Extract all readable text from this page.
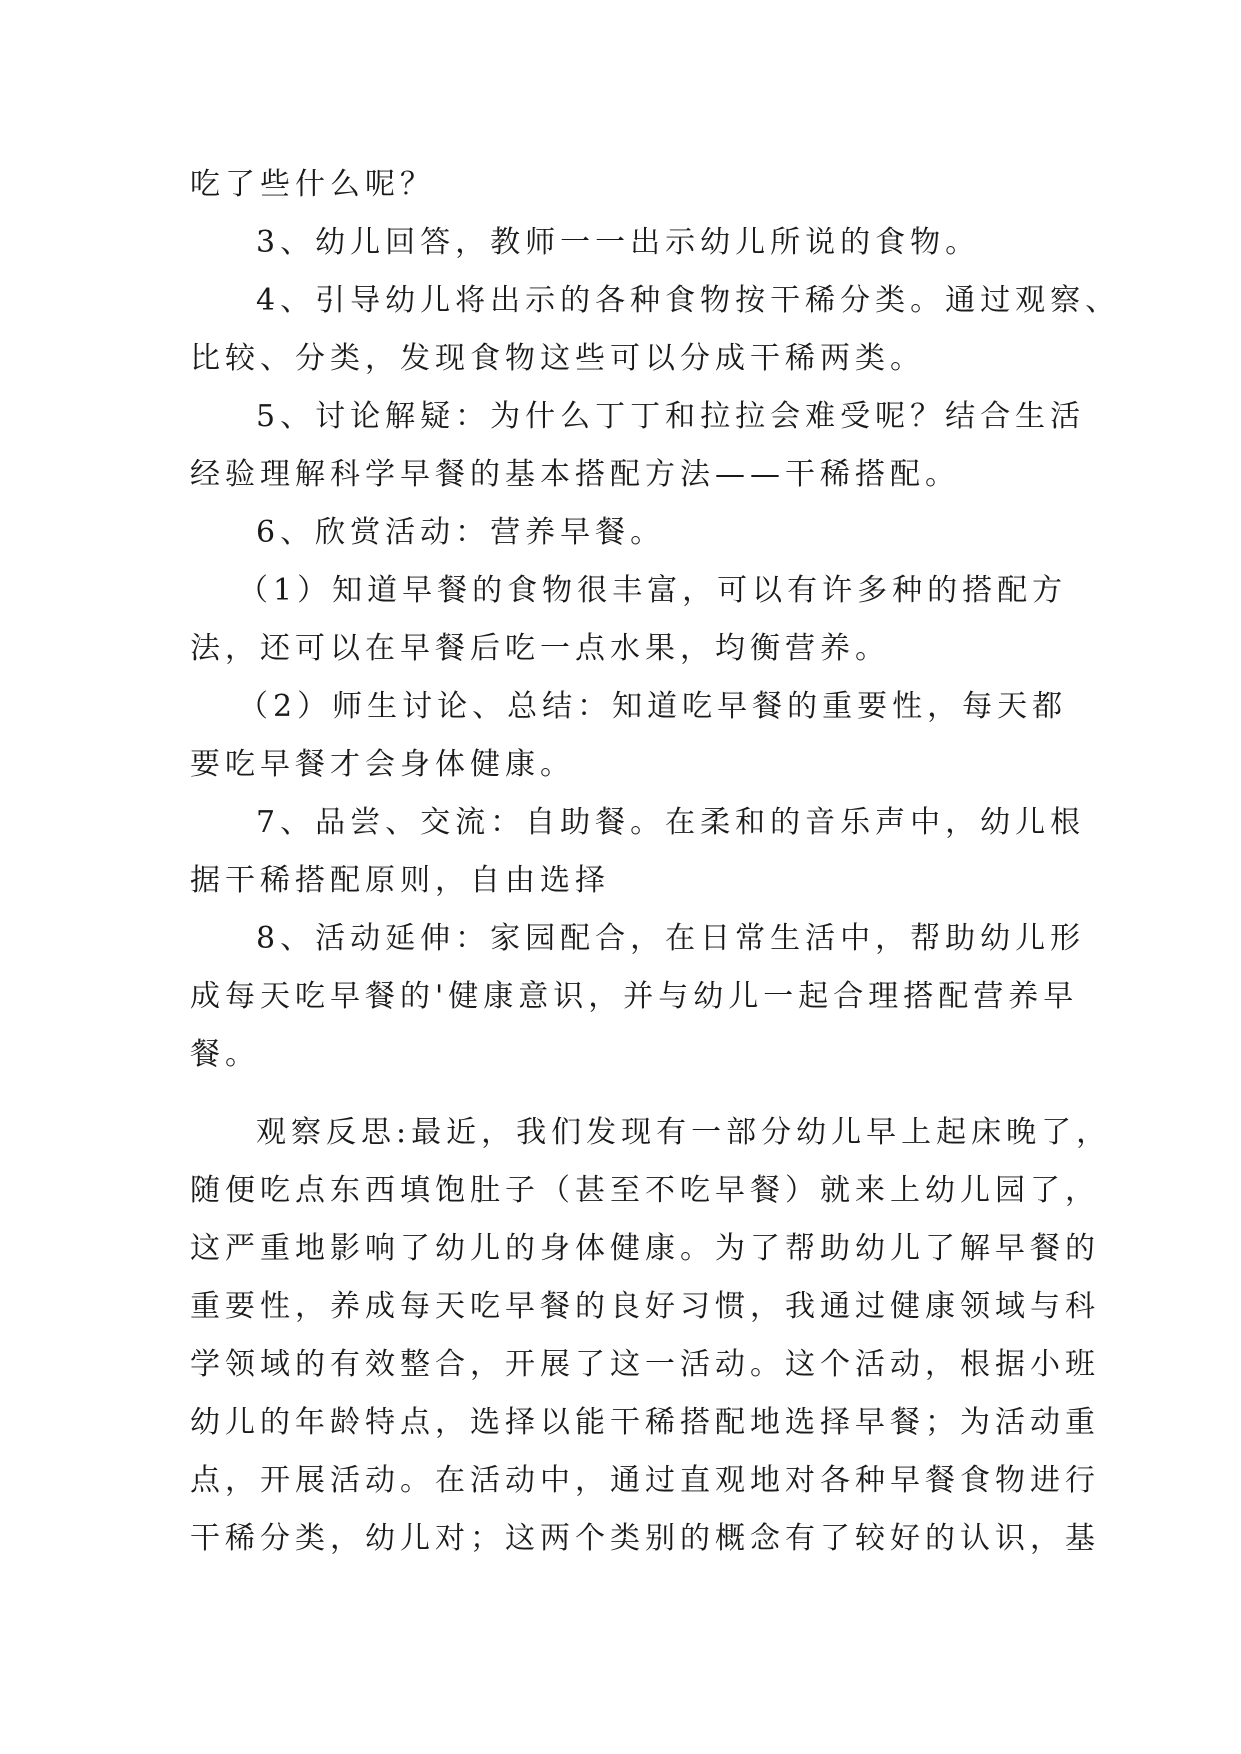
吃了些什么呢？
3、幼儿回答，教师一一出示幼儿所说的食物。
4、引导幼儿将出示的各种食物按干稀分类。通过观察、
比较、分类，发现食物这些可以分成干稀两类。
5、讨论解疑：为什么丁丁和拉拉会难受呢？结合生活
经验理解科学早餐的基本搭配方法——干稀搭配。
6、欣赏活动：营养早餐。
（1）知道早餐的食物很丰富，可以有许多种的搭配方
法，还可以在早餐后吃一点水果，均衡营养。
（2）师生讨论、总结：知道吃早餐的重要性，每天都
要吃早餐才会身体健康。
7、品尝、交流：自助餐。在柔和的音乐声中，幼儿根
据干稀搭配原则，自由选择
8、活动延伸：家园配合，在日常生活中，帮助幼儿形
成每天吃早餐的'健康意识，并与幼儿一起合理搭配营养早
餐。
观察反思:最近，我们发现有一部分幼儿早上起床晚了，
随便吃点东西填饱肚子（甚至不吃早餐）就来上幼儿园了，
这严重地影响了幼儿的身体健康。为了帮助幼儿了解早餐的
重要性，养成每天吃早餐的良好习惯，我通过健康领域与科
学领域的有效整合，开展了这一活动。这个活动，根据小班
幼儿的年龄特点，选择以能干稀搭配地选择早餐；为活动重
点，开展活动。在活动中，通过直观地对各种早餐食物进行
干稀分类，幼儿对；这两个类别的概念有了较好的认识，基
